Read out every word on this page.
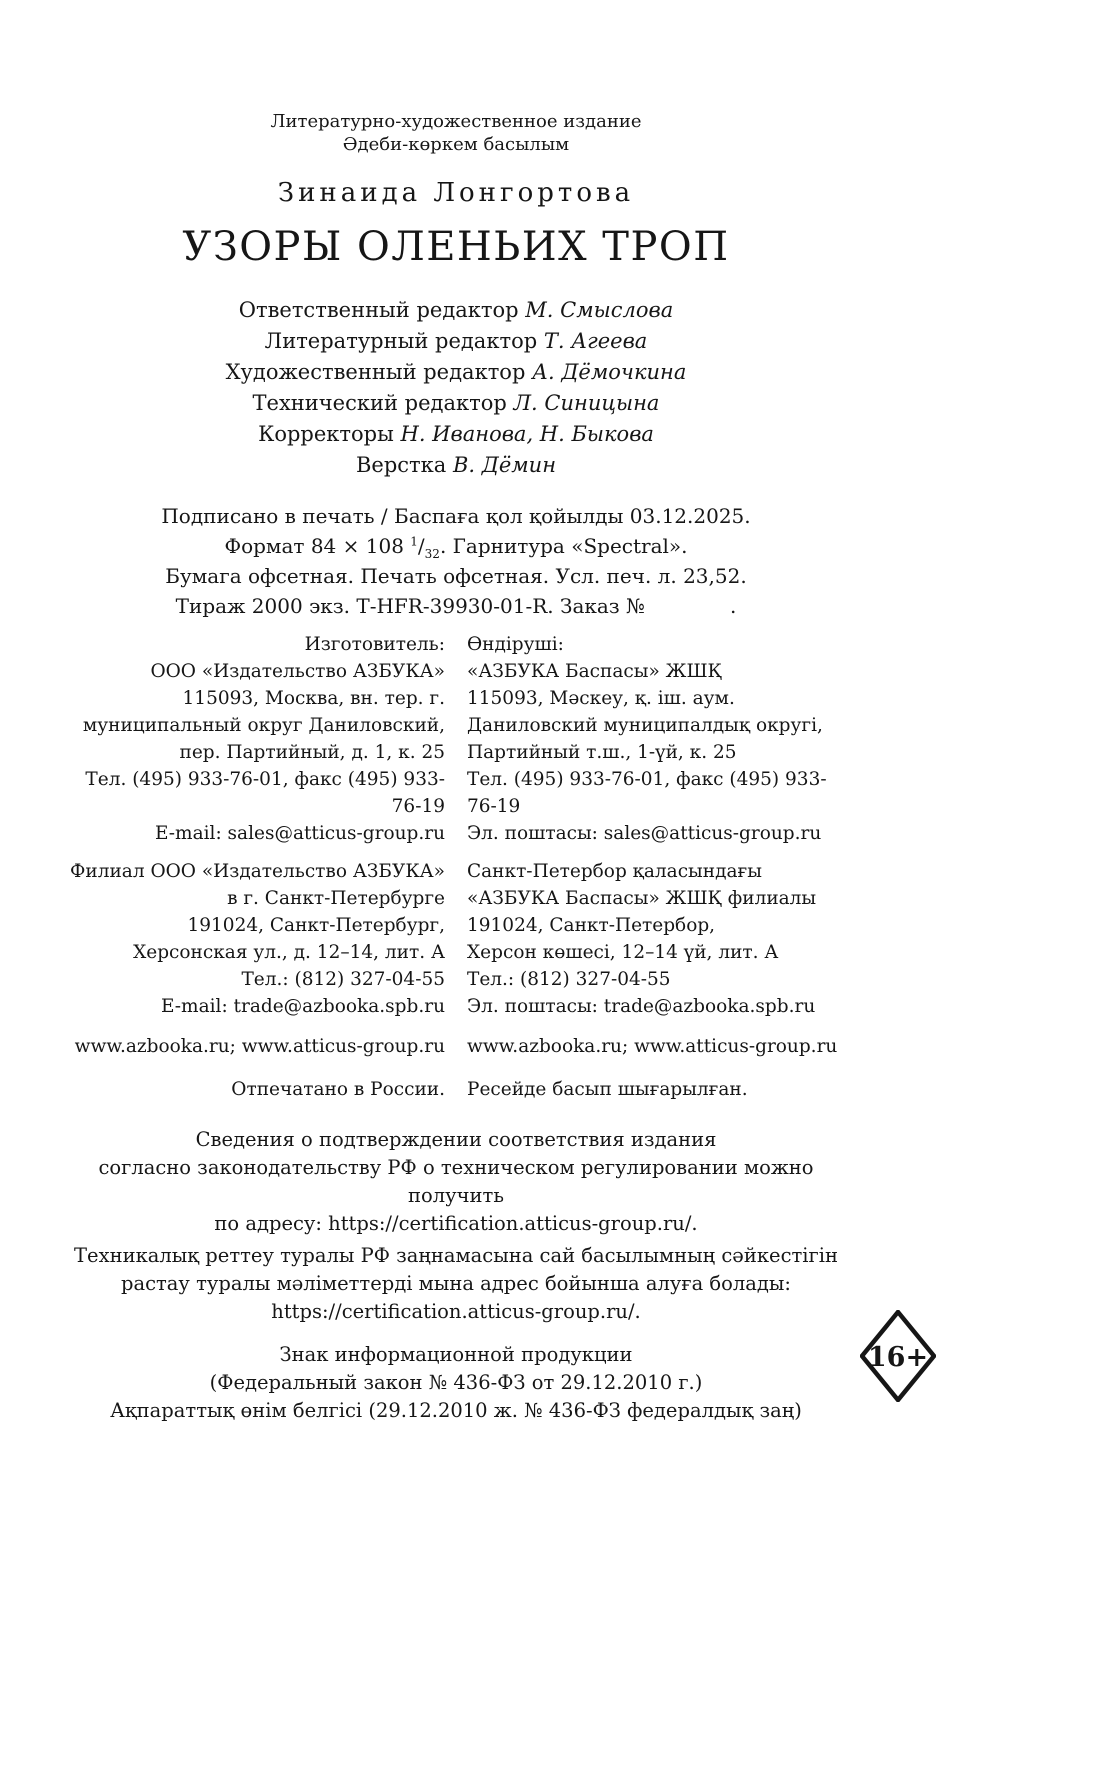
Литературно-художественное издание
Әдеби-көркем басылым
Зинаида Лонгортова
УЗОРЫ ОЛЕНЬИХ ТРОП
Ответственный редактор М. Смыслова
Литературный редактор Т. Агеева
Художественный редактор А. Дёмочкина
Технический редактор Л. Синицына
Корректоры Н. Иванова, Н. Быкова
Верстка В. Дёмин
Подписано в печать / Баспаға қол қойылды 03.12.2025.
Формат 84 × 108 $^1/_{32}$. Гарнитура «Spectral».
Бумага офсетная. Печать офсетная. Усл. печ. л. 23,52.
Тираж 2000 экз. Т-HFR-39930-01-R. Заказ №	.
Изготовитель:
ООО «Издательство АЗБУКА»
115093, Москва, вн. тер. г.
муниципальный округ Даниловский,
пер. Партийный, д. 1, к. 25
Тел. (495) 933-76-01, факс (495) 933-76-19
E-mail: sales@atticus-group.ru
Филиал ООО «Издательство АЗБУКА»
в г. Санкт-Петербурге
191024, Санкт-Петербург,
Херсонская ул., д. 12–14, лит. А
Тел.: (812) 327-04-55
E-mail: trade@azbooka.spb.ru
www.azbooka.ru; www.atticus-group.ru
Отпечатано в России.
Өндіруші:
«АЗБУКА Баспасы» ЖШҚ
115093, Мәскеу, қ. іш. аум.
Даниловский муниципалдық округі,
Партийный т.ш., 1-үй, к. 25
Тел. (495) 933-76-01, факс (495) 933-76-19
Эл. поштасы: sales@atticus-group.ru
Санкт-Петербор қаласындағы
«АЗБУКА Баспасы» ЖШҚ филиалы
191024, Санкт-Петербор,
Херсон көшесі, 12–14 үй, лит. А
Тел.: (812) 327-04-55
Эл. поштасы: trade@azbooka.spb.ru
www.azbooka.ru; www.atticus-group.ru
Ресейде басып шығарылған.
Сведения о подтверждении соответствия издания
согласно законодательству РФ о техническом регулировании можно получить
по адресу: https://certification.atticus-group.ru/.
Техникалық реттеу туралы РФ заңнамасына сай басылымның сәйкестігін
растау туралы мәліметтерді мына адрес бойынша алуға болады:
https://certification.atticus-group.ru/.
Знак информационной продукции
(Федеральный закон № 436-ФЗ от 29.12.2010 г.)
Ақпараттық өнім белгісі (29.12.2010 ж. № 436-ФЗ федералдық заң)
16+
